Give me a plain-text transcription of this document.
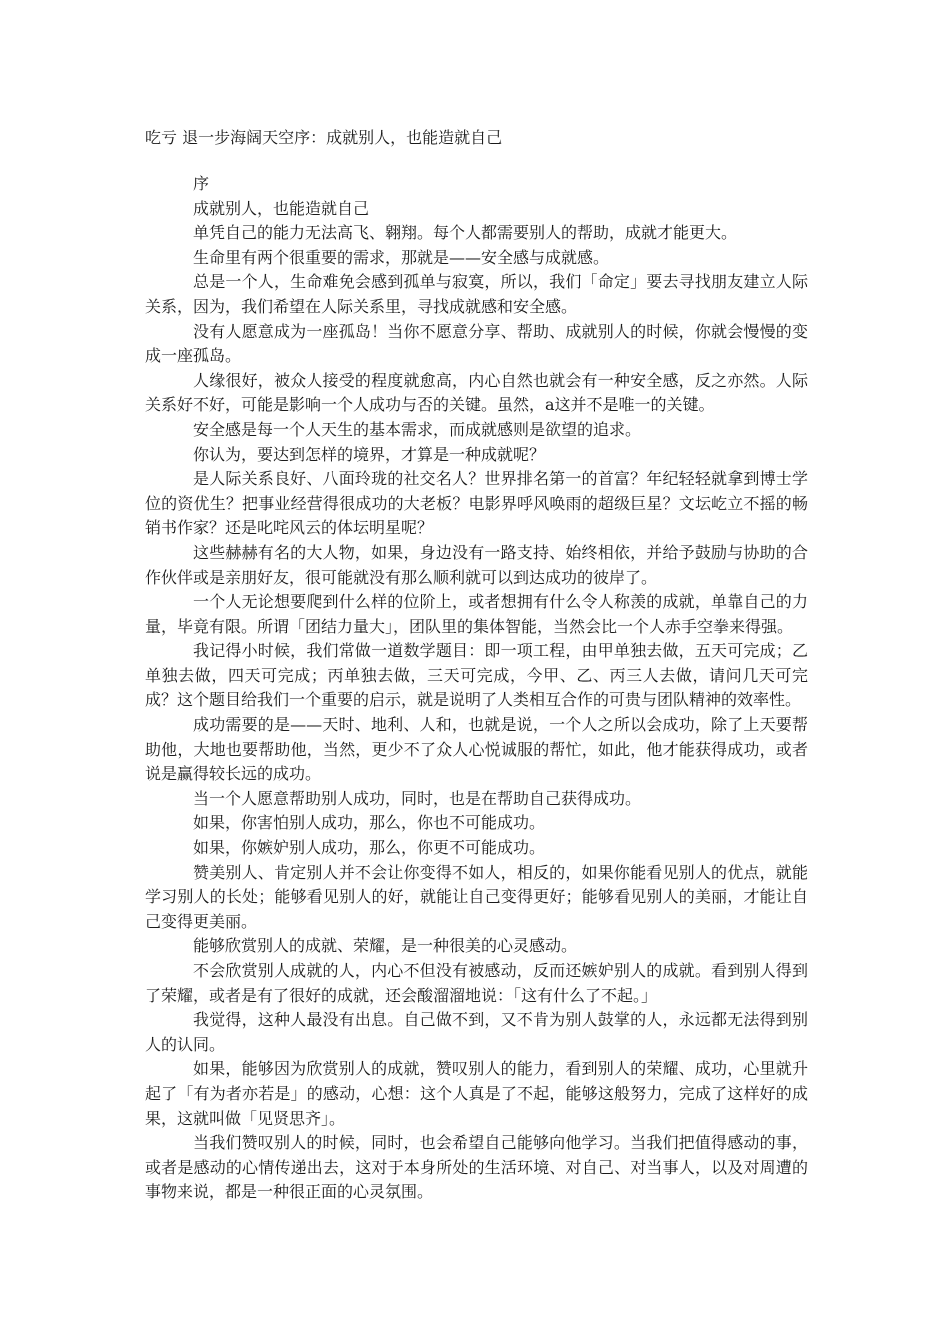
吃亏 退一步海阔天空序：成就别人，也能造就自己

序

成就别人，也能造就自己

单凭自己的能力无法高飞、翱翔。每个人都需要别人的帮助，成就才能更大。

生命里有两个很重要的需求，那就是——安全感与成就感。

总是一个人，生命难免会感到孤单与寂寞，所以，我们「命定」要去寻找朋友建立人际关系，因为，我们希望在人际关系里，寻找成就感和安全感。

没有人愿意成为一座孤岛！当你不愿意分享、帮助、成就别人的时候，你就会慢慢的变成一座孤岛。

人缘很好，被众人接受的程度就愈高，内心自然也就会有一种安全感，反之亦然。人际关系好不好，可能是影响一个人成功与否的关键。虽然，a这并不是唯一的关键。

安全感是每一个人天生的基本需求，而成就感则是欲望的追求。

你认为，要达到怎样的境界，才算是一种成就呢？

是人际关系良好、八面玲珑的社交名人？世界排名第一的首富？年纪轻轻就拿到博士学位的资优生？把事业经营得很成功的大老板？电影界呼风唤雨的超级巨星？文坛屹立不摇的畅销书作家？还是叱咤风云的体坛明星呢？

这些赫赫有名的大人物，如果，身边没有一路支持、始终相依，并给予鼓励与协助的合作伙伴或是亲朋好友，很可能就没有那么顺利就可以到达成功的彼岸了。

一个人无论想要爬到什么样的位阶上，或者想拥有什么令人称羡的成就，单靠自己的力量，毕竟有限。所谓「团结力量大」，团队里的集体智能，当然会比一个人赤手空拳来得强。

我记得小时候，我们常做一道数学题目：即一项工程，由甲单独去做，五天可完成；乙单独去做，四天可完成；丙单独去做，三天可完成，今甲、乙、丙三人去做，请问几天可完成？这个题目给我们一个重要的启示，就是说明了人类相互合作的可贵与团队精神的效率性。

成功需要的是——天时、地利、人和，也就是说，一个人之所以会成功，除了上天要帮助他，大地也要帮助他，当然，更少不了众人心悦诚服的帮忙，如此，他才能获得成功，或者说是赢得较长远的成功。

当一个人愿意帮助别人成功，同时，也是在帮助自己获得成功。

如果，你害怕别人成功，那么，你也不可能成功。

如果，你嫉妒别人成功，那么，你更不可能成功。

赞美别人、肯定别人并不会让你变得不如人，相反的，如果你能看见别人的优点，就能学习别人的长处；能够看见别人的好，就能让自己变得更好；能够看见别人的美丽，才能让自己变得更美丽。

能够欣赏别人的成就、荣耀，是一种很美的心灵感动。

不会欣赏别人成就的人，内心不但没有被感动，反而还嫉妒别人的成就。看到别人得到了荣耀，或者是有了很好的成就，还会酸溜溜地说：「这有什么了不起。」

我觉得，这种人最没有出息。自己做不到，又不肯为别人鼓掌的人，永远都无法得到别人的认同。

如果，能够因为欣赏别人的成就，赞叹别人的能力，看到别人的荣耀、成功，心里就升起了「有为者亦若是」的感动，心想：这个人真是了不起，能够这般努力，完成了这样好的成果，这就叫做「见贤思齐」。

当我们赞叹别人的时候，同时，也会希望自己能够向他学习。当我们把值得感动的事，或者是感动的心情传递出去，这对于本身所处的生活环境、对自己、对当事人，以及对周遭的事物来说，都是一种很正面的心灵氛围。
